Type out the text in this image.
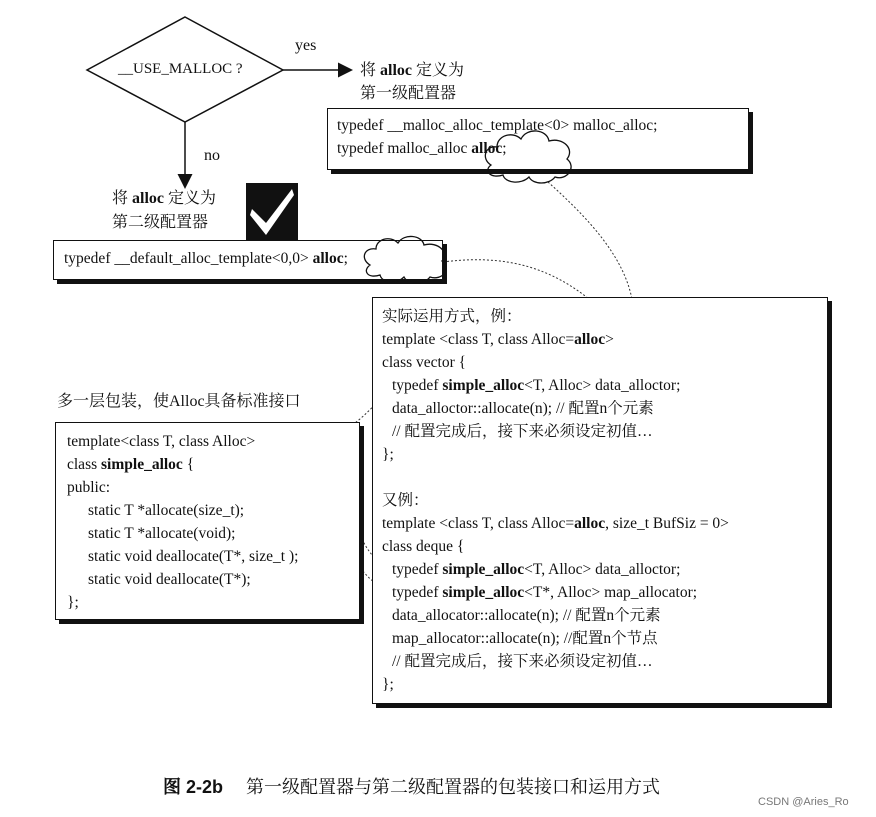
__USE_MALLOC ?
yes
no
将 alloc 定义为
第一级配置器
typedef __malloc_alloc_template<0> malloc_alloc;
typedef malloc_alloc alloc;
将 alloc 定义为
第二级配置器
typedef __default_alloc_template<0,0> alloc;
多一层包装，使Alloc具备标准接口
template<class T, class Alloc>
class simple_alloc {
public:
static T *allocate(size_t);
static T *allocate(void);
static void deallocate(T*, size_t );
static void deallocate(T*);
};
实际运用方式，例：
template <class T, class Alloc=alloc>
class vector {
typedef simple_alloc<T, Alloc> data_alloctor;
data_alloctor::allocate(n); // 配置n个元素
// 配置完成后，接下来必须设定初值…
};
又例：
template <class T, class Alloc=alloc, size_t BufSiz = 0>
class deque {
typedef simple_alloc<T, Alloc> data_alloctor;
typedef simple_alloc<T*, Alloc> map_allocator;
data_allocator::allocate(n); // 配置n个元素
map_allocator::allocate(n); //配置n个节点
// 配置完成后，接下来必须设定初值…
};
图 2-2b 第一级配置器与第二级配置器的包装接口和运用方式
CSDN @Aries_Ro
